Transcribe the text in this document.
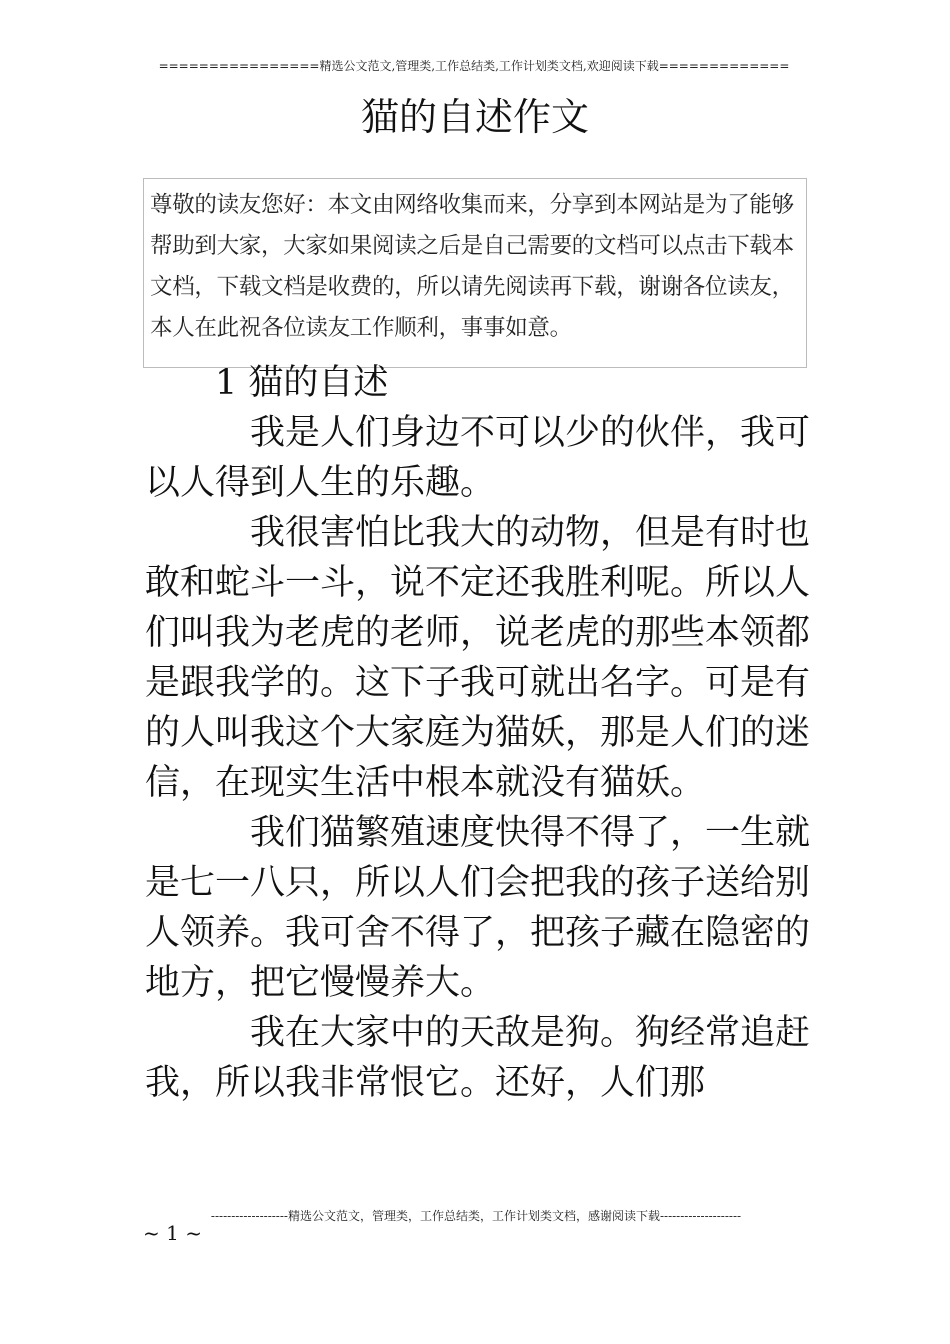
================精选公文范文,管理类,工作总结类,工作计划类文档,欢迎阅读下载=============
猫的自述作文
尊敬的读友您好：本文由网络收集而来，分享到本网站是为了能够帮助到大家，大家如果阅读之后是自己需要的文档可以点击下载本文档，下载文档是收费的，所以请先阅读再下载，谢谢各位读友，本人在此祝各位读友工作顺利，事事如意。
1 猫的自述

我是人们身边不可以少的伙伴，我可以人得到人生的乐趣。

我很害怕比我大的动物，但是有时也敢和蛇斗一斗，说不定还我胜利呢。所以人们叫我为老虎的老师，说老虎的那些本领都是跟我学的。这下子我可就出名字。可是有的人叫我这个大家庭为猫妖，那是人们的迷信，在现实生活中根本就没有猫妖。

我们猫繁殖速度快得不得了，一生就是七一八只，所以人们会把我的孩子送给别人领养。我可舍不得了，把孩子藏在隐密的地方，把它慢慢养大。

我在大家中的天敌是狗。狗经常追赶我，所以我非常恨它。还好，人们那

-------------------精选公文范文，管理类，工作总结类，工作计划类文档，感谢阅读下载--------------------
~ 1 ~
